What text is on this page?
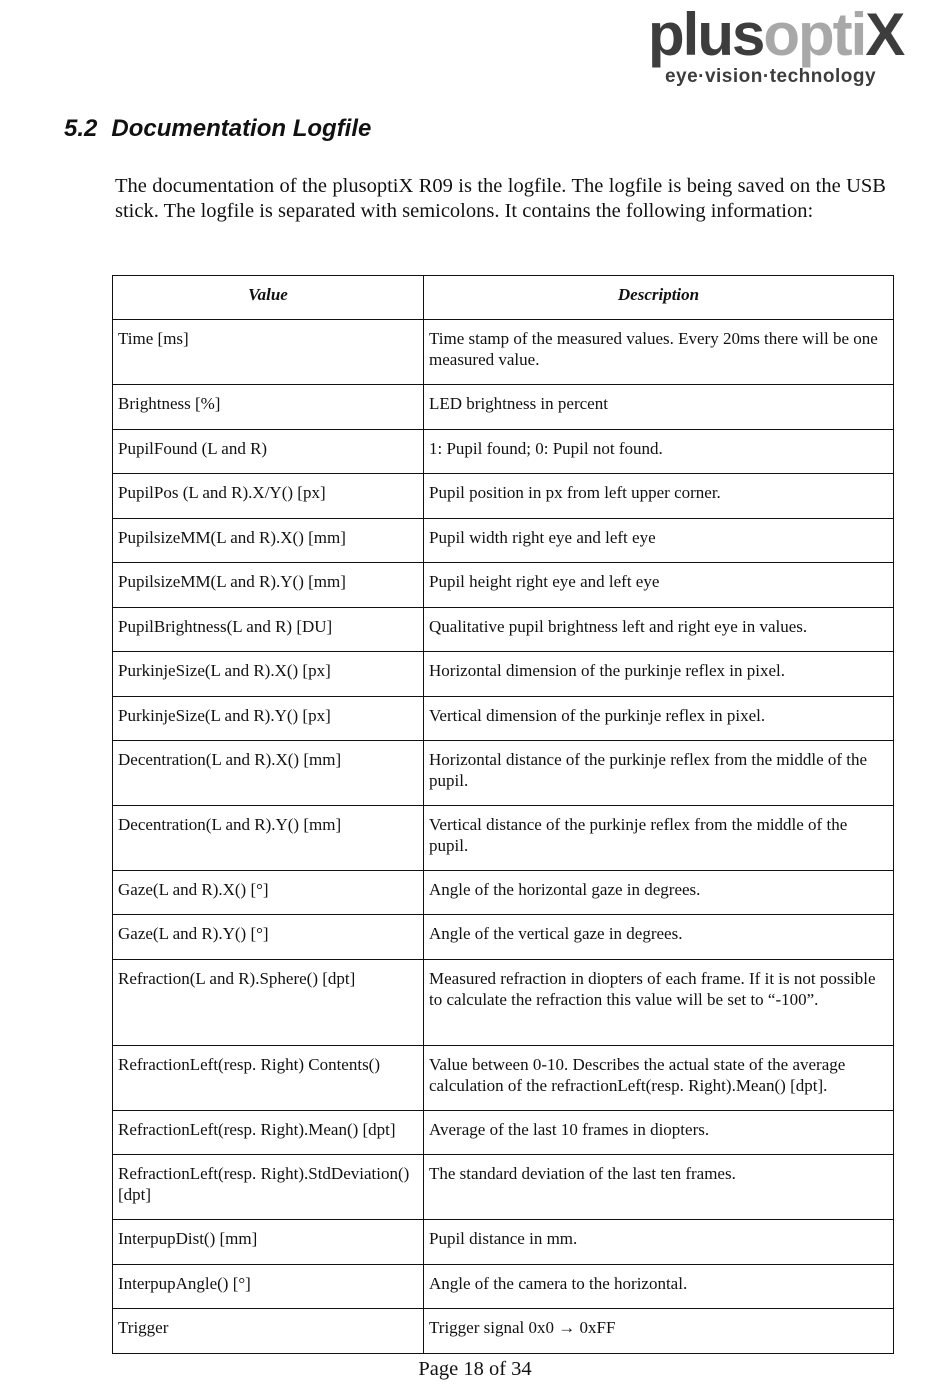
plusoptiX
eye·vision·technology
5.2 Documentation Logfile

The documentation of the plusoptiX R09 is the logfile. The logfile is being saved on the USB stick. The logfile is separated with semicolons. It contains the following information:

Value	Description
Time [ms]	Time stamp of the measured values. Every 20ms there will be one measured value.
Brightness [%]	LED brightness in percent
PupilFound (L and R)	1: Pupil found; 0: Pupil not found.
PupilPos (L and R).X/Y() [px]	Pupil position in px from left upper corner.
PupilsizeMM(L and R).X() [mm]	Pupil width right eye and left eye
PupilsizeMM(L and R).Y() [mm]	Pupil height right eye and left eye
PupilBrightness(L and R) [DU]	Qualitative pupil brightness left and right eye in values.
PurkinjeSize(L and R).X() [px]	Horizontal dimension of the purkinje reflex in pixel.
PurkinjeSize(L and R).Y() [px]	Vertical dimension of the purkinje reflex in pixel.
Decentration(L and R).X() [mm]	Horizontal distance of the purkinje reflex from the middle of the pupil.
Decentration(L and R).Y() [mm]	Vertical distance of the purkinje reflex from the middle of the pupil.
Gaze(L and R).X() [°]	Angle of the horizontal gaze in degrees.
Gaze(L and R).Y() [°]	Angle of the vertical gaze in degrees.
Refraction(L and R).Sphere() [dpt]	Measured refraction in diopters of each frame. If it is not possible to calculate the refraction this value will be set to “-100”.
RefractionLeft(resp. Right) Contents()	Value between 0-10. Describes the actual state of the average calculation of the refractionLeft(resp. Right).Mean() [dpt].
RefractionLeft(resp. Right).Mean() [dpt]	Average of the last 10 frames in diopters.
RefractionLeft(resp. Right).StdDeviation() [dpt]	The standard deviation of the last ten frames.
InterpupDist() [mm]	Pupil distance in mm.
InterpupAngle() [°]	Angle of the camera to the horizontal.
Trigger	Trigger signal 0x0 → 0xFF
Page 18 of 34
